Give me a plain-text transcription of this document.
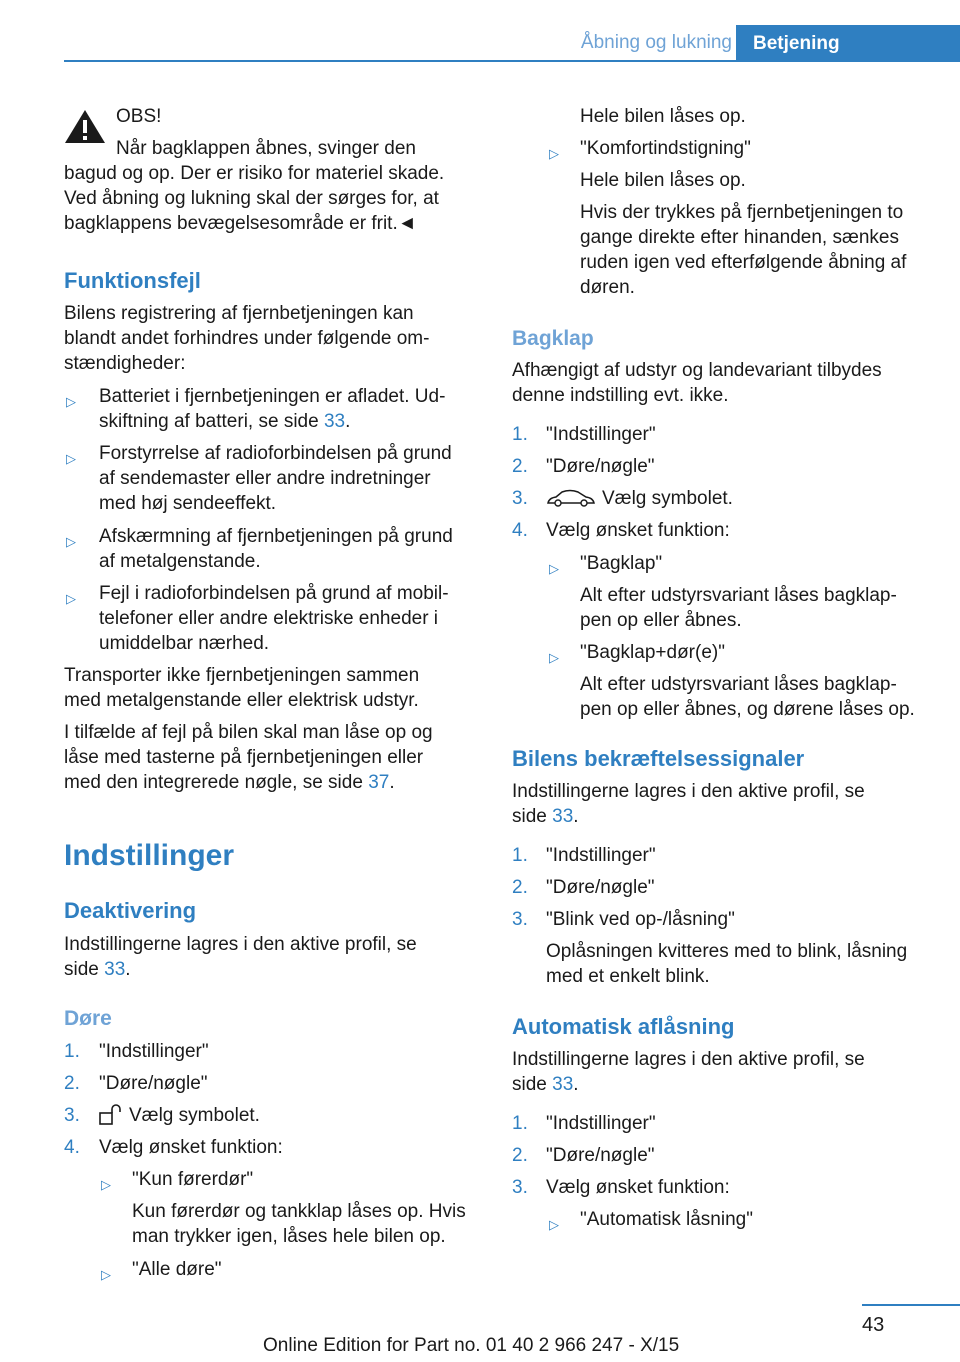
Åbning og lukning	Betjening
OBS!
Når bagklappen åbnes, svinger den
bagud og op. Der er risiko for materiel skade.
Ved åbning og lukning skal der sørges for, at
bagklappens bevægelsesområde er frit.◄
Funktionsfejl
Bilens registrering af fjernbetjeningen kan
blandt andet forhindres under følgende om-
stændigheder:
▷ Batteriet i fjernbetjeningen er afladet. Ud-
skiftning af batteri, se side 33.
▷ Forstyrrelse af radioforbindelsen på grund
af sendemaster eller andre indretninger
med høj sendeeffekt.
▷ Afskærmning af fjernbetjeningen på grund
af metalgenstande.
▷ Fejl i radioforbindelsen på grund af mobil-
telefoner eller andre elektriske enheder i
umiddelbar nærhed.
Transporter ikke fjernbetjeningen sammen
med metalgenstande eller elektrisk udstyr.
I tilfælde af fejl på bilen skal man låse op og
låse med tasterne på fjernbetjeningen eller
med den integrerede nøgle, se side 37.
Indstillinger
Deaktivering
Indstillingerne lagres i den aktive profil, se
side 33.
Døre
1. "Indstillinger"
2. "Døre/nøgle"
3.	Vælg symbolet.
4. Vælg ønsket funktion:
▷ "Kun førerdør"
Kun førerdør og tankklap låses op. Hvis
man trykker igen, låses hele bilen op.
▷ "Alle døre"
Hele bilen låses op.
▷ "Komfortindstigning"
Hele bilen låses op.
Hvis der trykkes på fjernbetjeningen to
gange direkte efter hinanden, sænkes
ruden igen ved efterfølgende åbning af
døren.
Bagklap
Afhængigt af udstyr og landevariant tilbydes
denne indstilling evt. ikke.
1. "Indstillinger"
2. "Døre/nøgle"
3.	Vælg symbolet.
4. Vælg ønsket funktion:
▷ "Bagklap"
Alt efter udstyrsvariant låses bagklap-
pen op eller åbnes.
▷ "Bagklap+dør(e)"
Alt efter udstyrsvariant låses bagklap-
pen op eller åbnes, og dørene låses op.
Bilens bekræftelsessignaler
Indstillingerne lagres i den aktive profil, se
side 33.
1. "Indstillinger"
2. "Døre/nøgle"
3. "Blink ved op-/låsning"
Oplåsningen kvitteres med to blink, låsning
med et enkelt blink.
Automatisk aflåsning
Indstillingerne lagres i den aktive profil, se
side 33.
1. "Indstillinger"
2. "Døre/nøgle"
3. Vælg ønsket funktion:
▷ "Automatisk låsning"
43
Online Edition for Part no. 01 40 2 966 247 - X/15
